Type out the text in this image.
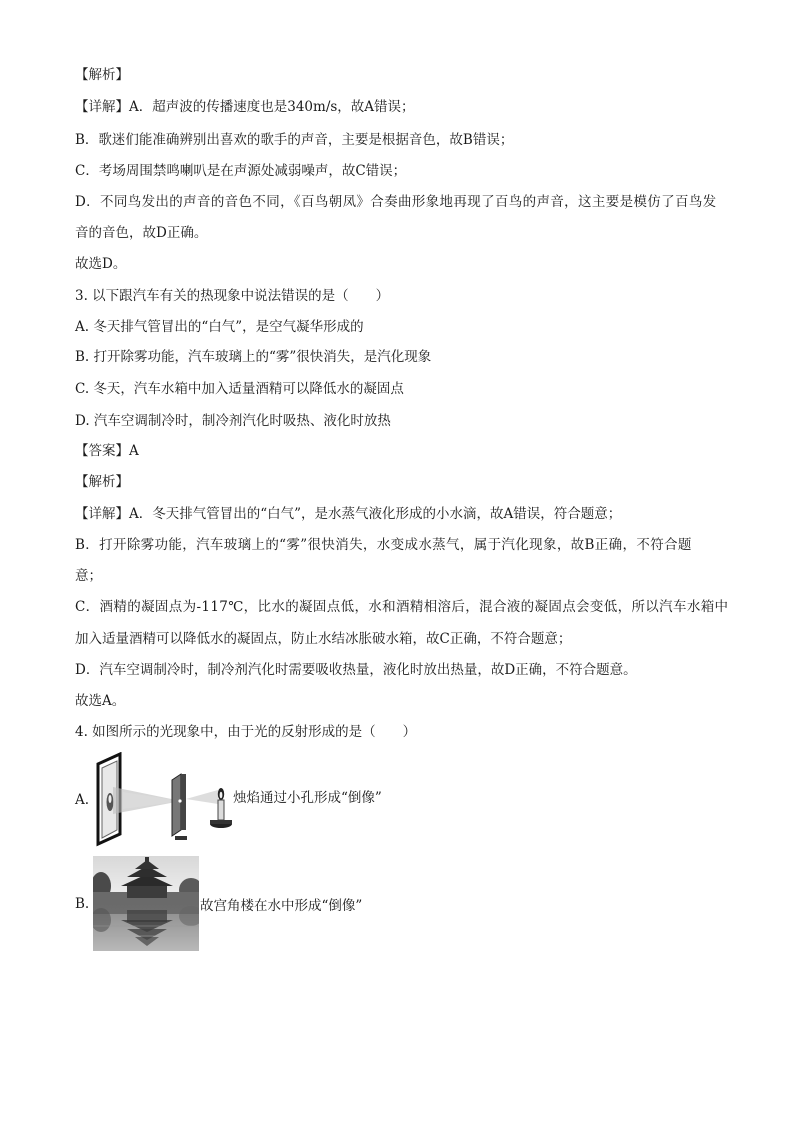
【解析】
【详解】A．超声波的传播速度也是340m/s，故A错误；
B．歌迷们能准确辨别出喜欢的歌手的声音，主要是根据音色，故B错误；
C．考场周围禁鸣喇叭是在声源处减弱噪声，故C错误；
D．不同鸟发出的声音的音色不同，《百鸟朝凤》合奏曲形象地再现了百鸟的声音，这主要是模仿了百鸟发
音的音色，故D正确。
故选D。
3. 以下跟汽车有关的热现象中说法错误的是（　　）
A. 冬天排气管冒出的“白气”，是空气凝华形成的
B. 打开除雾功能，汽车玻璃上的“雾”很快消失，是汽化现象
C. 冬天，汽车水箱中加入适量酒精可以降低水的凝固点
D. 汽车空调制冷时，制冷剂汽化时吸热、液化时放热
【答案】A
【解析】
【详解】A．冬天排气管冒出的“白气”，是水蒸气液化形成的小水滴，故A错误，符合题意；
B．打开除雾功能，汽车玻璃上的“雾”很快消失，水变成水蒸气，属于汽化现象，故B正确，不符合题
意；
C．酒精的凝固点为-117℃，比水的凝固点低，水和酒精相溶后，混合液的凝固点会变低，所以汽车水箱中
加入适量酒精可以降低水的凝固点，防止水结冰胀破水箱，故C正确，不符合题意；
D．汽车空调制冷时，制冷剂汽化时需要吸收热量，液化时放出热量，故D正确，不符合题意。
故选A。
4. 如图所示的光现象中，由于光的反射形成的是（　　）
A.	烛焰通过小孔形成“倒像”
B.	故宫角楼在水中形成“倒像”
